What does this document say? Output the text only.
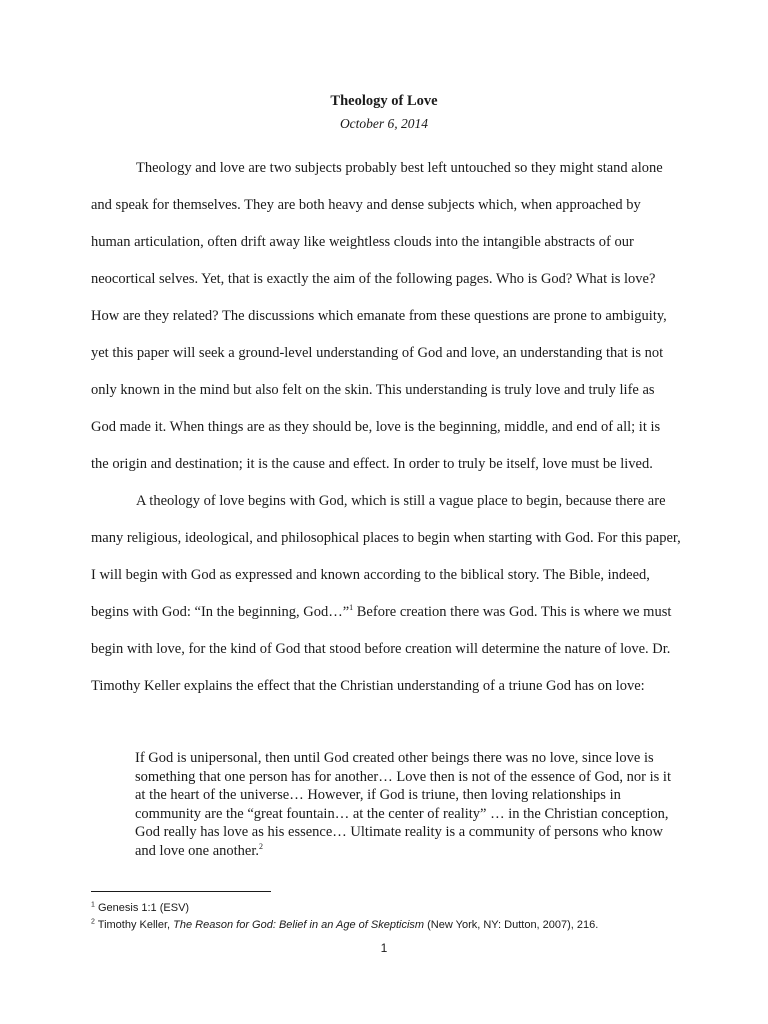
Theology of Love
October 6, 2014

Theology and love are two subjects probably best left untouched so they might stand alone and speak for themselves. They are both heavy and dense subjects which, when approached by human articulation, often drift away like weightless clouds into the intangible abstracts of our neocortical selves. Yet, that is exactly the aim of the following pages. Who is God? What is love? How are they related? The discussions which emanate from these questions are prone to ambiguity, yet this paper will seek a ground-level understanding of God and love, an understanding that is not only known in the mind but also felt on the skin. This understanding is truly love and truly life as God made it. When things are as they should be, love is the beginning, middle, and end of all; it is the origin and destination; it is the cause and effect. In order to truly be itself, love must be lived.

A theology of love begins with God, which is still a vague place to begin, because there are many religious, ideological, and philosophical places to begin when starting with God. For this paper, I will begin with God as expressed and known according to the biblical story. The Bible, indeed, begins with God: “In the beginning, God…”$^1$ Before creation there was God. This is where we must begin with love, for the kind of God that stood before creation will determine the nature of love. Dr. Timothy Keller explains the effect that the Christian understanding of a triune God has on love:

If God is unipersonal, then until God created other beings there was no love, since love is something that one person has for another… Love then is not of the essence of God, nor is it at the heart of the universe… However, if God is triune, then loving relationships in community are the “great fountain… at the center of reality” … in the Christian conception, God really has love as his essence… Ultimate reality is a community of persons who know and love one another.$^2$
$^1$ Genesis 1:1 (ESV)
$^2$ Timothy Keller, The Reason for God: Belief in an Age of Skepticism (New York, NY: Dutton, 2007), 216.
1
